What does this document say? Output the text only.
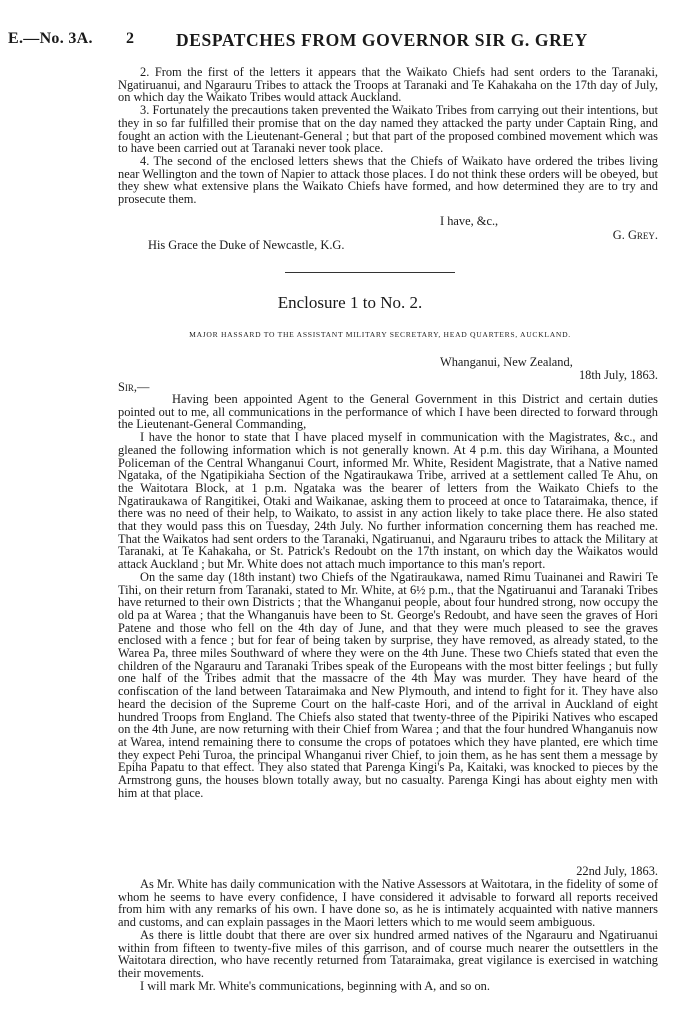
E.—No. 3A. 2 DESPATCHES FROM GOVERNOR SIR G. GREY

2. From the first of the letters it appears that the Waikato Chiefs had sent orders to the Taranaki, Ngatiruanui, and Ngarauru Tribes to attack the Troops at Taranaki and Te Kahakaha on the 17th day of July, on which day the Waikato Tribes would attack Auckland.

3. Fortunately the precautions taken prevented the Waikato Tribes from carrying out their intentions, but they in so far fulfilled their promise that on the day named they attacked the party under Captain Ring, and fought an action with the Lieutenant-General ; but that part of the proposed combined movement which was to have been carried out at Taranaki never took place.

4. The second of the enclosed letters shews that the Chiefs of Waikato have ordered the tribes living near Wellington and the town of Napier to attack those places. I do not think these orders will be obeyed, but they shew what extensive plans the Waikato Chiefs have formed, and how determined they are to try and prosecute them.

I have, &c.,
G. Grey.
His Grace the Duke of Newcastle, K.G.
Enclosure 1 to No. 2.
MAJOR HASSARD TO THE ASSISTANT MILITARY SECRETARY, HEAD QUARTERS, AUCKLAND.
Whanganui, New Zealand,
18th July, 1863.
Sir,—

Having been appointed Agent to the General Government in this District and certain duties pointed out to me, all communications in the performance of which I have been directed to forward through the Lieutenant-General Commanding,

I have the honor to state that I have placed myself in communication with the Magistrates, &c., and gleaned the following information which is not generally known. At 4 p.m. this day Wirihana, a Mounted Policeman of the Central Whanganui Court, informed Mr. White, Resident Magistrate, that a Native named Ngataka, of the Ngatipikiaha Section of the Ngatiraukawa Tribe, arrived at a settlement called Te Ahu, on the Waitotara Block, at 1 p.m. Ngataka was the bearer of letters from the Waikato Chiefs to the Ngatiraukawa of Rangitikei, Otaki and Waikanae, asking them to proceed at once to Tataraimaka, thence, if there was no need of their help, to Waikato, to assist in any action likely to take place there. He also stated that they would pass this on Tuesday, 24th July. No further information concerning them has reached me. That the Waikatos had sent orders to the Taranaki, Ngatiruanui, and Ngarauru tribes to attack the Military at Taranaki, at Te Kahakaha, or St. Patrick's Redoubt on the 17th instant, on which day the Waikatos would attack Auckland ; but Mr. White does not attach much importance to this man's report.

On the same day (18th instant) two Chiefs of the Ngatiraukawa, named Rimu Tuainanei and Rawiri Te Tihi, on their return from Taranaki, stated to Mr. White, at 6½ p.m., that the Ngatiruanui and Taranaki Tribes have returned to their own Districts ; that the Whanganui people, about four hundred strong, now occupy the old pa at Warea ; that the Whanganuis have been to St. George's Redoubt, and have seen the graves of Hori Patene and those who fell on the 4th day of June, and that they were much pleased to see the graves enclosed with a fence ; but for fear of being taken by surprise, they have removed, as already stated, to the Warea Pa, three miles Southward of where they were on the 4th June. These two Chiefs stated that even the children of the Ngarauru and Taranaki Tribes speak of the Europeans with the most bitter feelings ; but fully one half of the Tribes admit that the massacre of the 4th May was murder. They have heard of the confiscation of the land between Tataraimaka and New Plymouth, and intend to fight for it. They have also heard the decision of the Supreme Court on the half-caste Hori, and of the arrival in Auckland of eight hundred Troops from England. The Chiefs also stated that twenty-three of the Pipiriki Natives who escaped on the 4th June, are now returning with their Chief from Warea ; and that the four hundred Whanganuis now at Warea, intend remaining there to consume the crops of potatoes which they have planted, ere which time they expect Pehi Turoa, the principal Whanganui river Chief, to join them, as he has sent them a message by Epiha Papatu to that effect. They also stated that Parenga Kingi's Pa, Kaitaki, was knocked to pieces by the Armstrong guns, the houses blown totally away, but no casualty. Parenga Kingi has about eighty men with him at that place.

22nd July, 1863.

As Mr. White has daily communication with the Native Assessors at Waitotara, in the fidelity of some of whom he seems to have every confidence, I have considered it advisable to forward all reports received from him with any remarks of his own. I have done so, as he is intimately acquainted with native manners and customs, and can explain passages in the Maori letters which to me would seem ambiguous.

As there is little doubt that there are over six hundred armed natives of the Ngarauru and Ngatiruanui within from fifteen to twenty-five miles of this garrison, and of course much nearer the outsettlers in the Waitotara direction, who have recently returned from Tataraimaka, great vigilance is exercised in watching their movements.

I will mark Mr. White's communications, beginning with A, and so on.
